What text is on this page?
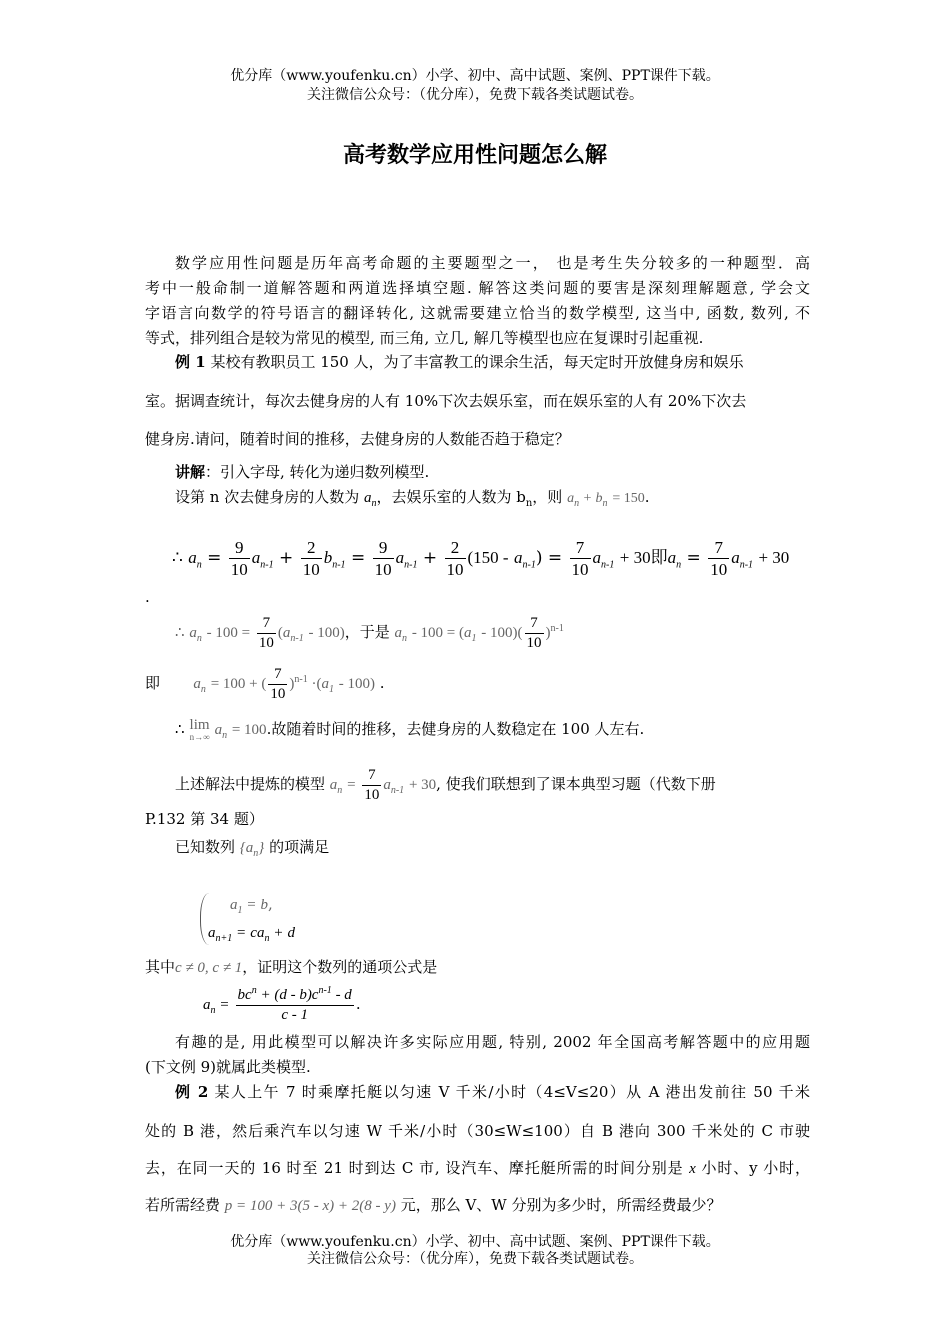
优分库（www.youfenku.cn）小学、初中、高中试题、案例、PPT课件下载。
关注微信公众号：（优分库），免费下载各类试题试卷。
高考数学应用性问题怎么解
数学应用性问题是历年高考命题的主要题型之一， 也是考生失分较多的一种题型．高
考中一般命制一道解答题和两道选择填空题. 解答这类问题的要害是深刻理解题意, 学会文
字语言向数学的符号语言的翻译转化, 这就需要建立恰当的数学模型, 这当中, 函数, 数列, 不
等式，排列组合是较为常见的模型, 而三角, 立几, 解几等模型也应在复课时引起重视.
例 1 某校有教职员工 150 人，为了丰富教工的课余生活，每天定时开放健身房和娱乐
室。据调查统计，每次去健身房的人有 10%下次去娱乐室，而在娱乐室的人有 20%下次去
健身房.请问，随着时间的推移，去健身房的人数能否趋于稳定？
讲解：引入字母, 转化为递归数列模型.
设第 n 次去健身房的人数为 $a_n$，去娱乐室的人数为 $b_n$，则 $a_n + b_n = 150$.
∴ $a_n = \frac{9}{10} a_{n-1} + \frac{2}{10} b_{n-1} = \frac{9}{10} a_{n-1} + \frac{2}{10} (150 - a_{n-1}) = \frac{7}{10} a_{n-1} + 30$即$a_n = \frac{7}{10} a_{n-1} + 30$
.
∴ $a_n - 100 = \frac{7}{10} (a_{n-1} - 100)$，于是 $a_n - 100 = (a_1 - 100)( \frac{7}{10} )^{n-1}$
即 $a_n = 100$ + ( $\frac{7}{10} )^{n-1} \cdot(a_1 - 100)$ .
∴ lim
n→∞ $a_n = 100$.故随着时间的推移，去健身房的人数稳定在 100 人左右.
上述解法中提炼的模型 $a_n = \frac{7}{10} a_{n-1} + 30$, 使我们联想到了课本典型习题（代数下册
P.132 第 34 题）
已知数列 $\{a_n\}$ 的项满足
$a_1 = b$,
$a_{n+1} = ca_n + d$
其中c ≠ 0, c ≠ 1，证明这个数列的通项公式是
$a_n = \frac{bc^n + (d - b)c^{n-1} - d}{c - 1}$ .
有趣的是, 用此模型可以解决许多实际应用题, 特别, 2002 年全国高考解答题中的应用题
(下文例 9)就属此类模型.
例 2 某人上午 7 时乘摩托艇以匀速 V 千米/小时（4≤V≤20）从 A 港出发前往 50 千米
处的 B 港，然后乘汽车以匀速 W 千米/小时（30≤W≤100）自 B 港向 300 千米处的 C 市驶
去，在同一天的 16 时至 21 时到达 C 市, 设汽车、摩托艇所需的时间分别是 x 小时、y 小时，
若所需经费 p = 100 + 3(5 - x) + 2(8 - y) 元，那么 V、W 分别为多少时，所需经费最少？
优分库（www.youfenku.cn）小学、初中、高中试题、案例、PPT课件下载。
关注微信公众号：（优分库），免费下载各类试题试卷。
